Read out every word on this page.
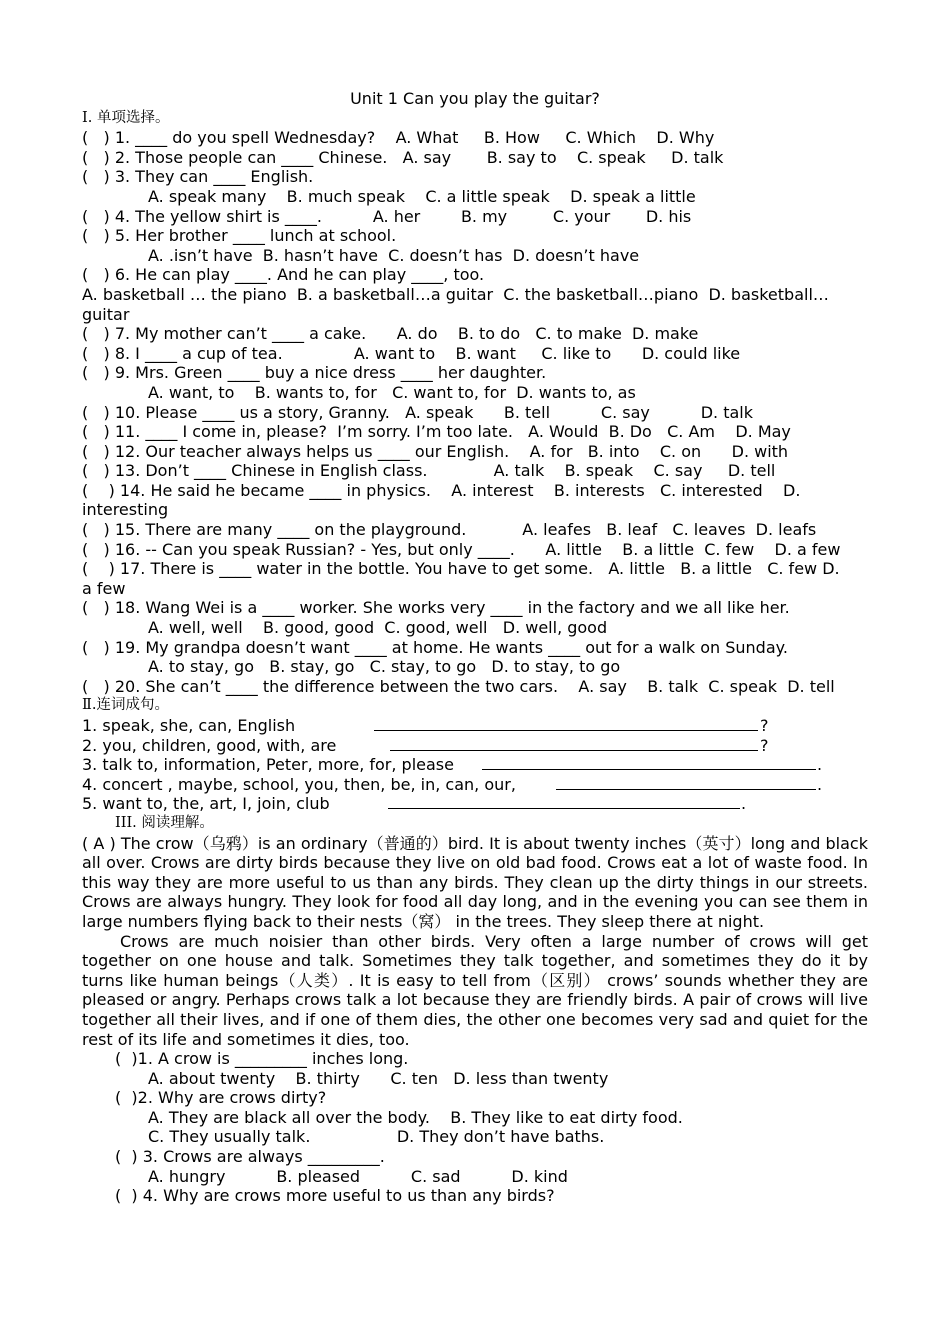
Unit 1 Can you play the guitar?
I. 单项选择。
(   ) 1. ____ do you spell Wednesday?    A. What     B. How     C. Which    D. Why
(   ) 2. Those people can ____ Chinese.   A. say       B. say to    C. speak     D. talk
(   ) 3. They can ____ English.
A. speak many    B. much speak    C. a little speak    D. speak a little
(   ) 4. The yellow shirt is ____.          A. her        B. my         C. your       D. his
(   ) 5. Her brother ____ lunch at school.
A. .isn’t have  B. hasn’t have  C. doesn’t has  D. doesn’t have
(   ) 6. He can play ____. And he can play ____, too.
A. basketball … the piano  B. a basketball…a guitar  C. the basketball…piano  D. basketball…
guitar
(   ) 7. My mother can’t ____ a cake.      A. do    B. to do   C. to make  D. make
(   ) 8. I ____ a cup of tea.              A. want to    B. want     C. like to      D. could like
(   ) 9. Mrs. Green ____ buy a nice dress ____ her daughter.
A. want, to    B. wants to, for   C. want to, for  D. wants to, as
(   ) 10. Please ____ us a story, Granny.   A. speak      B. tell          C. say          D. talk
(   ) 11. ____ I come in, please?  I’m sorry. I’m too late.   A. Would  B. Do   C. Am    D. May
(   ) 12. Our teacher always helps us ____ our English.    A. for   B. into    C. on      D. with
(   ) 13. Don’t ____ Chinese in English class.             A. talk    B. speak    C. say     D. tell
(    ) 14. He said he became ____ in physics.    A. interest    B. interests   C. interested    D.
interesting
(   ) 15. There are many ____ on the playground.           A. leafes   B. leaf   C. leaves  D. leafs
(   ) 16. -- Can you speak Russian? - Yes, but only ____.      A. little    B. a little  C. few    D. a few
(    ) 17. There is ____ water in the bottle. You have to get some.   A. little   B. a little   C. few D.
a few
(   ) 18. Wang Wei is a ____ worker. She works very ____ in the factory and we all like her.
A. well, well    B. good, good  C. good, well   D. well, good
(   ) 19. My grandpa doesn’t want ____ at home. He wants ____ out for a walk on Sunday.
A. to stay, go   B. stay, go   C. stay, to go   D. to stay, to go
(   ) 20. She can’t ____ the difference between the two cars.    A. say    B. talk  C. speak  D. tell
Ⅱ.连词成句。
1. speak, she, can, English	?
2. you, children, good, with, are	?
3. talk to, information, Peter, more, for, please	.
4. concert , maybe, school, you, then, be, in, can, our,	.
5. want to, the, art, I, join, club	.
III. 阅读理解。
( A ) The crow（乌鸦）is an ordinary（普通的）bird. It is about twenty inches（英寸）long and black all over. Crows are dirty birds because they live on old bad food. Crows eat a lot of waste food. In this way they are more useful to us than any birds. They clean up the dirty things in our streets. Crows are always hungry. They look for food all day long, and in the evening you can see them in large numbers flying back to their nests（窝） in the trees. They sleep there at night.
Crows are much noisier than other birds. Very often a large number of crows will get together on one house and talk. Sometimes they talk together, and sometimes they do it by turns like human beings（人类）. It is easy to tell from（区别） crows’ sounds whether they are pleased or angry. Perhaps crows talk a lot because they are friendly birds. A pair of crows will live together all their lives, and if one of them dies, the other one becomes very sad and quiet for the rest of its life and sometimes it dies, too.
(  )1. A crow is _________ inches long.
A. about twenty    B. thirty      C. ten   D. less than twenty
(  )2. Why are crows dirty?
A. They are black all over the body.    B. They like to eat dirty food.
C. They usually talk.                 D. They don’t have baths.
(  ) 3. Crows are always _________.
A. hungry          B. pleased          C. sad          D. kind
(  ) 4. Why are crows more useful to us than any birds?
